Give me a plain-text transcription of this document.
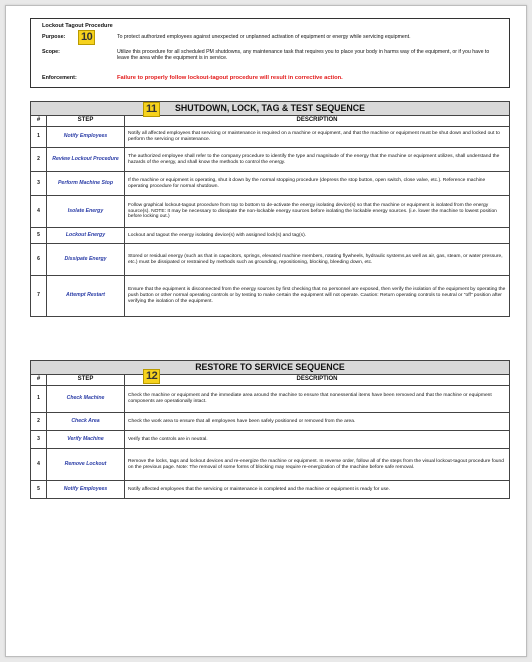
Lockout Tagout Procedure
Purpose:	To protect authorized employees against unexpected or unplanned activation of equipment or energy while servicing equipment.
10
Scope:	Utilize this procedure for all scheduled PM shutdowns, any maintenance task that requires you to place your body in harms way of the equipment, or if you have to leave the area while the equipment is in service.
Enforcement:	Failure to properly follow lockout-tagout procedure will result in corrective action.
SHUTDOWN, LOCK, TAG & TEST SEQUENCE
11		

#	STEP	DESCRIPTION
1	Notify Employees	Notify all affected employees that servicing or maintenance is required on a machine or equipment, and that the machine or equipment must be shut down and locked out to perform the servicing or maintenance.
2	Review Lockout Procedure	The authorized employee shall refer to the company procedure to identify the type and magnitude of the energy that the machine or equipment utilizes, shall understand the hazards of the energy, and shall know the methods to control the energy.
3	Perform Machine Stop	If the machine or equipment is operating, shut it down by the normal stopping procedure (depress the stop button, open switch, close valve, etc.). Reference machine operating procedure for normal shutdown.
4	Isolate Energy	Follow graphical lockout-tagout procedure from top to bottom to de-activate the energy isolating device(s) so that the machine or equipment is isolated from the energy source(s). NOTE: It may be necessary to dissipate the non-lockable energy sources before isolating the lockable energy sources. (i.e. lower the machine to lowest position before locking out.)
5	Lockout Energy	Lockout and tagout the energy isolating device(s) with assigned lock(s) and tag(s).
6	Dissipate Energy	Stored or residual energy (such as that in capacitors, springs, elevated machine members, rotating flywheels, hydraulic systems,as well as air, gas, steam, or water pressure, etc.) must be dissipated or restrained by methods such as grounding, repositioning, blocking, bleeding down, etc.
7	Attempt Restart	Ensure that the equipment is disconnected from the energy sources by first checking that no personnel are exposed, then verify the isolation of the equipment by operating the push button or other normal operating controls or by testing to make certain the equipment will not operate. Caution: Return operating controls to neutral or "off" position after verifying the isolation of the equipment.
RESTORE TO SERVICE SEQUENCE
12		

#	STEP	DESCRIPTION
1	Check Machine	Check the machine or equipment and the immediate area around the machine to ensure that nonessential items have been removed and that the machine or equipment components are operationally intact.
2	Check Area	Check the work area to ensure that all employees have been safely positioned or removed from the area.
3	Verify Machine	Verify that the controls are in neutral.
4	Remove Lockout	Remove the locks, tags and lockout devices and re-energize the machine or equipment. In reverse order, follow all of the steps from the visual lockout-tagout procedure found on the previous page. Note: The removal of some forms of blocking may require re-energization of the machine before safe removal.
5	Notify Employees	Notify affected employees that the servicing or maintenance is completed and the machine or equipment is ready for use.
